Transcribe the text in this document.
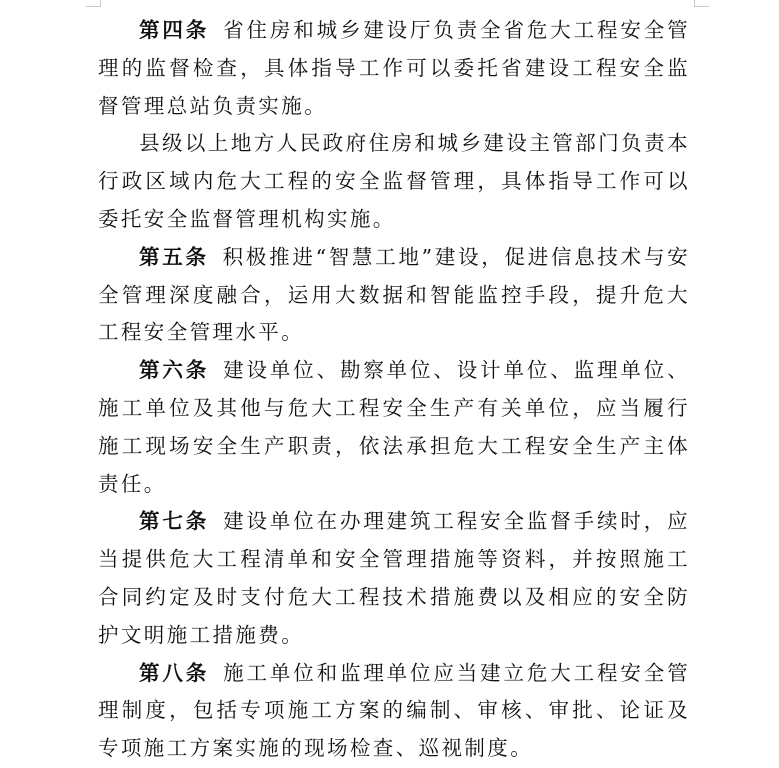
第四条 省住房和城乡建设厅负责全省危大工程安全管理的监督检查，具体指导工作可以委托省建设工程安全监督管理总站负责实施。

县级以上地方人民政府住房和城乡建设主管部门负责本行政区域内危大工程的安全监督管理，具体指导工作可以委托安全监督管理机构实施。

第五条 积极推进“智慧工地”建设，促进信息技术与安全管理深度融合，运用大数据和智能监控手段，提升危大工程安全管理水平。

第六条 建设单位、勘察单位、设计单位、监理单位、施工单位及其他与危大工程安全生产有关单位，应当履行施工现场安全生产职责，依法承担危大工程安全生产主体责任。

第七条 建设单位在办理建筑工程安全监督手续时，应当提供危大工程清单和安全管理措施等资料，并按照施工合同约定及时支付危大工程技术措施费以及相应的安全防护文明施工措施费。

第八条 施工单位和监理单位应当建立危大工程安全管理制度，包括专项施工方案的编制、审核、审批、论证及专项施工方案实施的现场检查、巡视制度。
